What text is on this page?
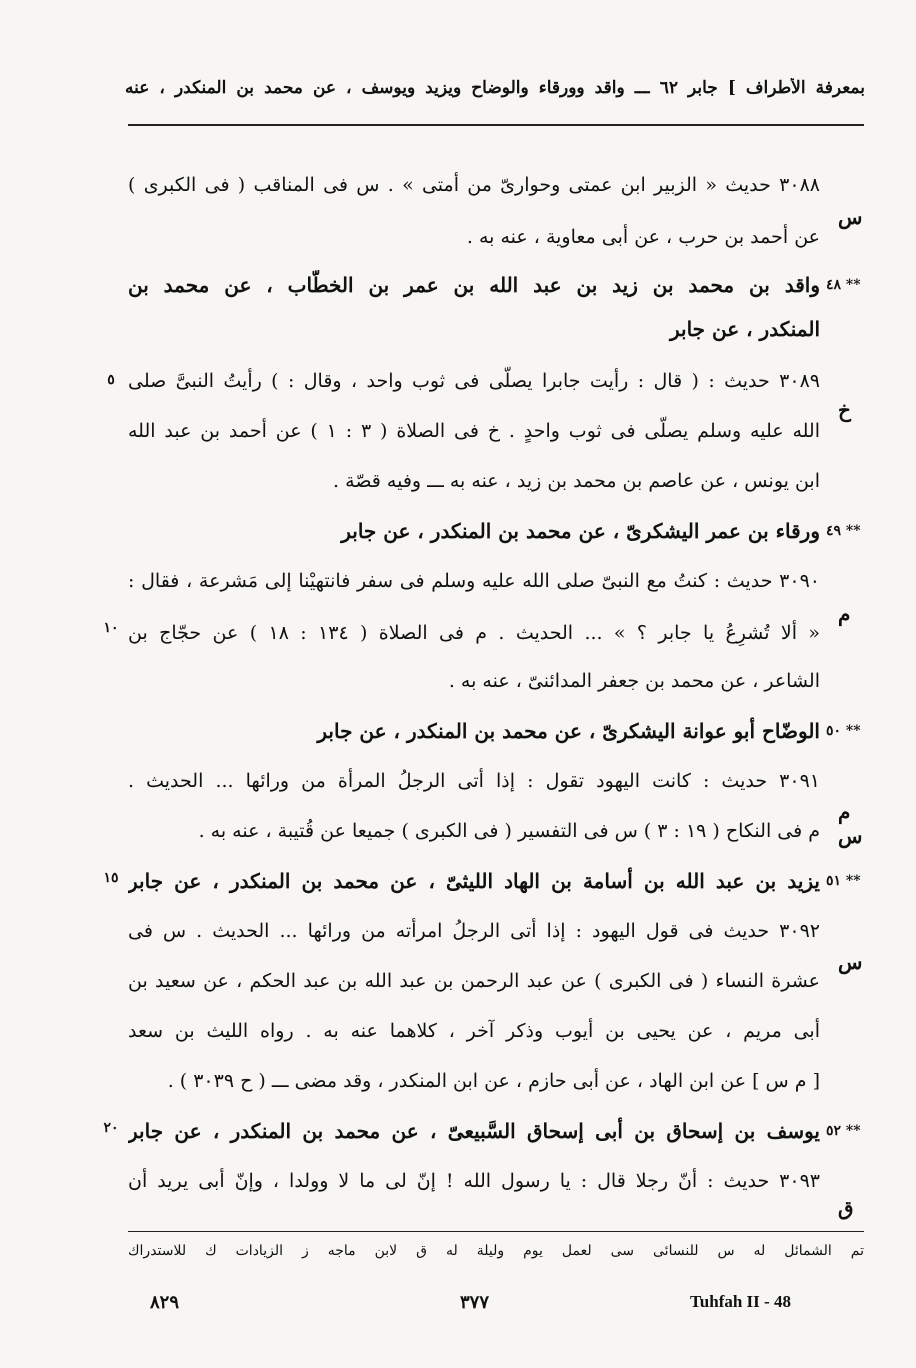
بمعرفة الأطراف ] جابر ٦٢ ـــ واقد وورقاء والوضاح ويزيد ويوسف ، عن محمد بن المنكدر ، عنه
٣٠٨٨ حديث « الزبير ابن عمتى وحوارىّ من أمتى » . س فى المناقب ( فى الكبرى )
س
عن أحمد بن حرب ، عن أبى معاوية ، عنه به .
٤٨ **
واقد بن محمد بن زيد بن عبد الله بن عمر بن الخطّاب ، عن محمد بن
المنكدر ، عن جابر
٣٠٨٩ حديث : ( قال : رأيت جابرا يصلّى فى ثوب واحد ، وقال : ) رأيتُ النبىَّ صلى
خ
٥
الله عليه وسلم يصلّى فى ثوب واحدٍ . خ فى الصلاة ( ٣ : ١ ) عن أحمد بن عبد الله
ابن يونس ، عن عاصم بن محمد بن زيد ، عنه به ـــ وفيه قصّة .
٤٩ **
ورقاء بن عمر اليشكرىّ ، عن محمد بن المنكدر ، عن جابر
٣٠٩٠ حديث : كنتُ مع النبىّ صلى الله عليه وسلم فى سفر فانتهيْنا إلى مَشرعة ، فقال :
م
١٠ « ألا تُشرِعُ يا جابر ؟ » ... الحديث . م فى الصلاة ( ١٣٤ : ١٨ ) عن حجّاج بن
الشاعر ، عن محمد بن جعفر المدائنىّ ، عنه به .
٥٠ **
الوضّاح أبو عوانة اليشكرىّ ، عن محمد بن المنكدر ، عن جابر
٣٠٩١ حديث : كانت اليهود تقول : إذا أتى الرجلُ المرأة من ورائها ... الحديث .
م س
م فى النكاح ( ١٩ : ٣ ) س فى التفسير ( فى الكبرى ) جميعا عن قُتيبة ، عنه به .
٥١ **
١٥ يزيد بن عبد الله بن أسامة بن الهاد الليثىّ ، عن محمد بن المنكدر ، عن جابر
٣٠٩٢ حديث فى قول اليهود : إذا أتى الرجلُ امرأته من ورائها ... الحديث . س فى
س
عشرة النساء ( فى الكبرى ) عن عبد الرحمن بن عبد الله بن عبد الحكم ، عن سعيد بن
أبى مريم ، عن يحيى بن أيوب وذكر آخر ، كلاهما عنه به . رواه الليث بن سعد
[ م س ] عن ابن الهاد ، عن أبى حازم ، عن ابن المنكدر ، وقد مضى ـــ ( ح ٣٠٣٩ ) .
٥٢ **
٢٠ يوسف بن إسحاق بن أبى إسحاق السَّبيعىّ ، عن محمد بن المنكدر ، عن جابر
٣٠٩٣ حديث : أنّ رجلا قال : يا رسول الله ! إنّ لى ما لا وولدا ، وإنّ أبى يريد أن
ق
تم الشمائل له س للنسائى سى لعمل يوم وليلة له ق لابن ماجه ز الزيادات ك للاستدراك
٨٢٩	٣٧٧	Tuhfah II - 48
